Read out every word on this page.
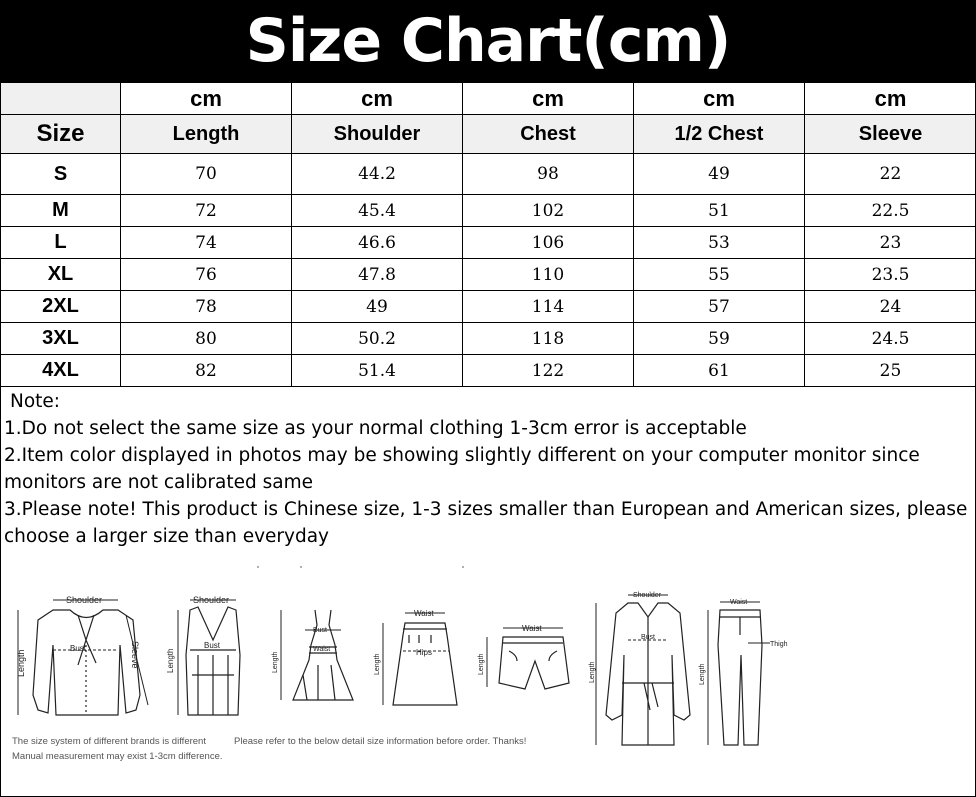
Size Chart(cm)
	cm	cm	cm	cm	cm
Size	Length	Shoulder	Chest	1/2 Chest	Sleeve
S	70	44.2	98	49	22
M	72	45.4	102	51	22.5
L	74	46.6	106	53	23
XL	76	47.8	110	55	23.5
2XL	78	49	114	57	24
3XL	80	50.2	118	59	24.5
4XL	82	51.4	122	61	25

Note:

1.Do not select the same size as your normal clothing 1-3cm error is acceptable

2.Item color displayed in photos may be showing slightly different on your computer monitor since monitors are not calibrated same

3.Please note! This product is Chinese size, 1-3 sizes smaller than European and American sizes, please choose a larger size than everyday

Shoulder
Bust
Length	Sleeve
Shoulder
Bust
Length
Bust
Waist
Length
Waist
Hips
Length
Waist
Length
Shoulder
Bust
Length
Waist
Thigh
Length
The size system of different brands is different	Please refer to the below detail size information before order. Thanks!
Manual measurement may exist 1-3cm difference.
